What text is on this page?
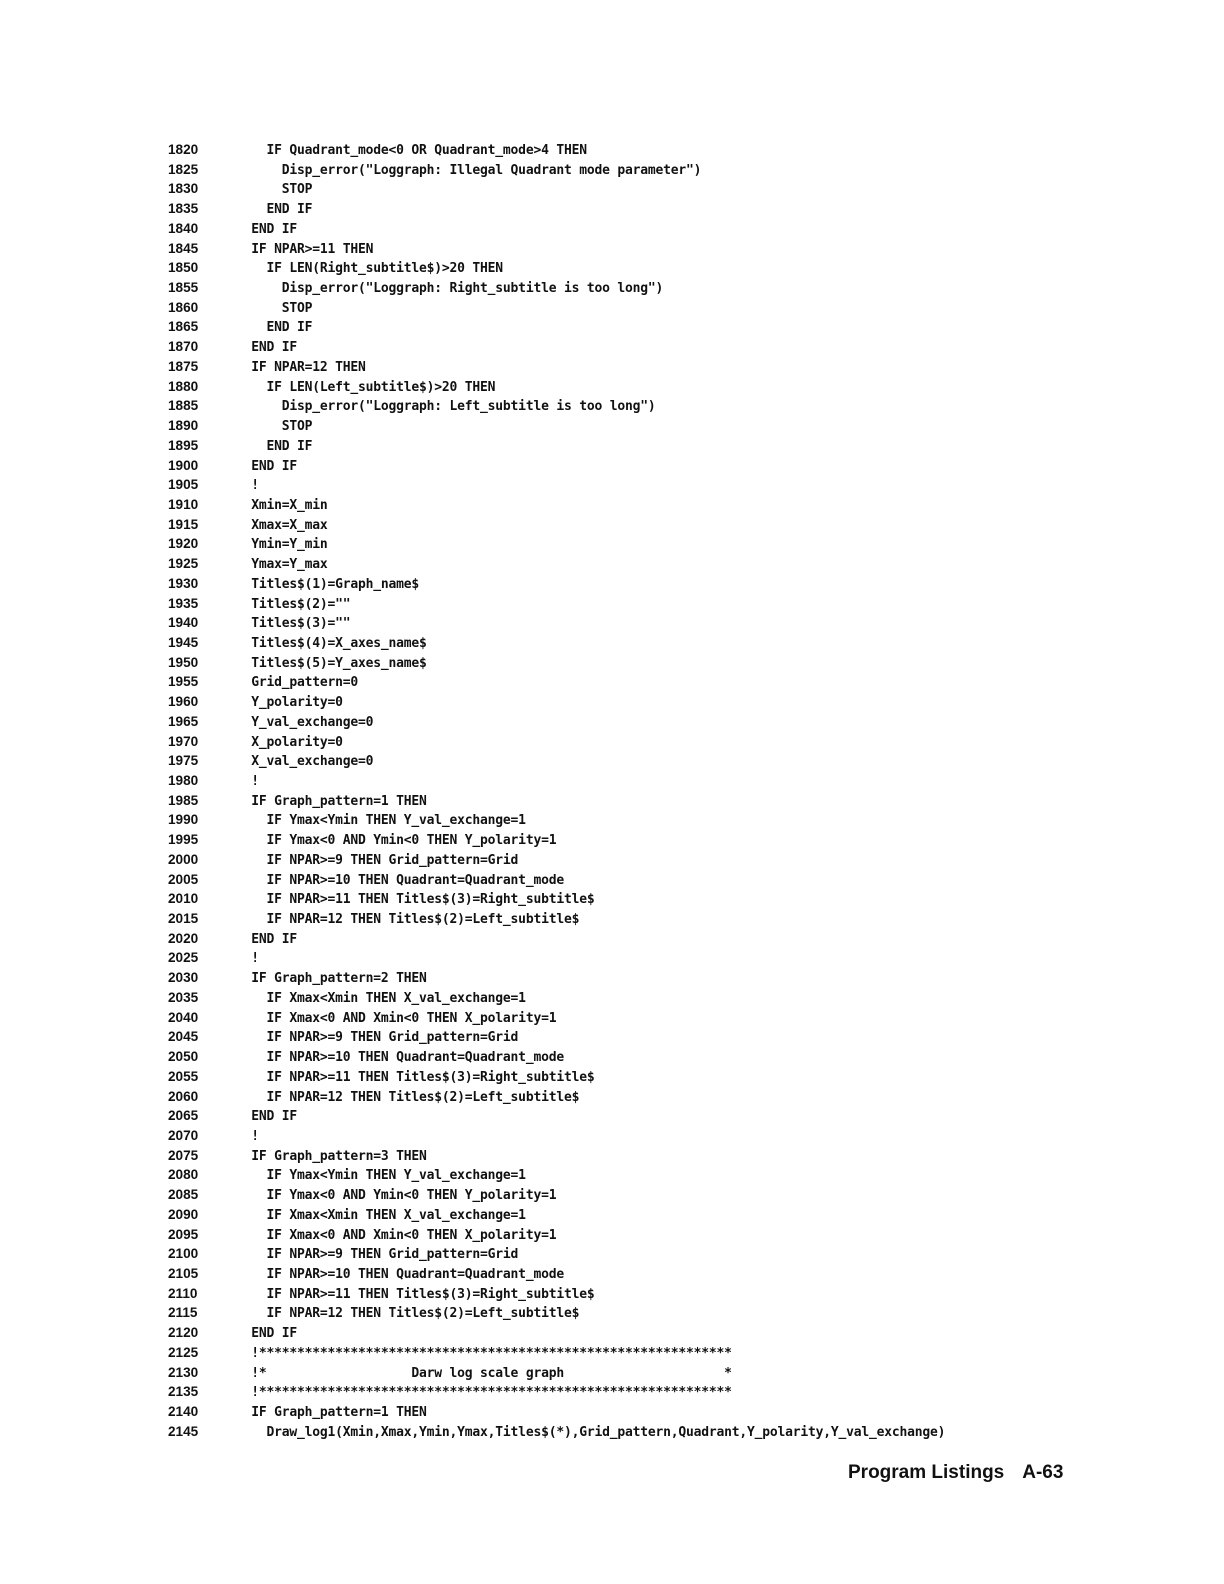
1820	IF Quadrant_mode<0 OR Quadrant_mode>4 THEN
1825	Disp_error("Loggraph: Illegal Quadrant mode parameter")
1830	STOP
1835	END IF
1840	END IF
1845	IF NPAR>=11 THEN
1850	IF LEN(Right_subtitle$)>20 THEN
1855	Disp_error("Loggraph: Right_subtitle is too long")
1860	STOP
1865	END IF
1870	END IF
1875	IF NPAR=12 THEN
1880	IF LEN(Left_subtitle$)>20 THEN
1885	Disp_error("Loggraph: Left_subtitle is too long")
1890	STOP
1895	END IF
1900	END IF
1905	!
1910	Xmin=X_min
1915	Xmax=X_max
1920	Ymin=Y_min
1925	Ymax=Y_max
1930	Titles$(1)=Graph_name$
1935	Titles$(2)=""
1940	Titles$(3)=""
1945	Titles$(4)=X_axes_name$
1950	Titles$(5)=Y_axes_name$
1955	Grid_pattern=0
1960	Y_polarity=0
1965	Y_val_exchange=0
1970	X_polarity=0
1975	X_val_exchange=0
1980	!
1985	IF Graph_pattern=1 THEN
1990	IF Ymax<Ymin THEN Y_val_exchange=1
1995	IF Ymax<0 AND Ymin<0 THEN Y_polarity=1
2000	IF NPAR>=9 THEN Grid_pattern=Grid
2005	IF NPAR>=10 THEN Quadrant=Quadrant_mode
2010	IF NPAR>=11 THEN Titles$(3)=Right_subtitle$
2015	IF NPAR=12 THEN Titles$(2)=Left_subtitle$
2020	END IF
2025	!
2030	IF Graph_pattern=2 THEN
2035	IF Xmax<Xmin THEN X_val_exchange=1
2040	IF Xmax<0 AND Xmin<0 THEN X_polarity=1
2045	IF NPAR>=9 THEN Grid_pattern=Grid
2050	IF NPAR>=10 THEN Quadrant=Quadrant_mode
2055	IF NPAR>=11 THEN Titles$(3)=Right_subtitle$
2060	IF NPAR=12 THEN Titles$(2)=Left_subtitle$
2065	END IF
2070	!
2075	IF Graph_pattern=3 THEN
2080	IF Ymax<Ymin THEN Y_val_exchange=1
2085	IF Ymax<0 AND Ymin<0 THEN Y_polarity=1
2090	IF Xmax<Xmin THEN X_val_exchange=1
2095	IF Xmax<0 AND Xmin<0 THEN X_polarity=1
2100	IF NPAR>=9 THEN Grid_pattern=Grid
2105	IF NPAR>=10 THEN Quadrant=Quadrant_mode
2110	IF NPAR>=11 THEN Titles$(3)=Right_subtitle$
2115	IF NPAR=12 THEN Titles$(2)=Left_subtitle$
2120	END IF
2125	!**************************************************************
2130	!*                   Darw log scale graph                     *
2135	!**************************************************************
2140	IF Graph_pattern=1 THEN
2145	Draw_log1(Xmin,Xmax,Ymin,Ymax,Titles$(*),Grid_pattern,Quadrant,Y_polarity,Y_val_exchange)
Program Listings A-63
